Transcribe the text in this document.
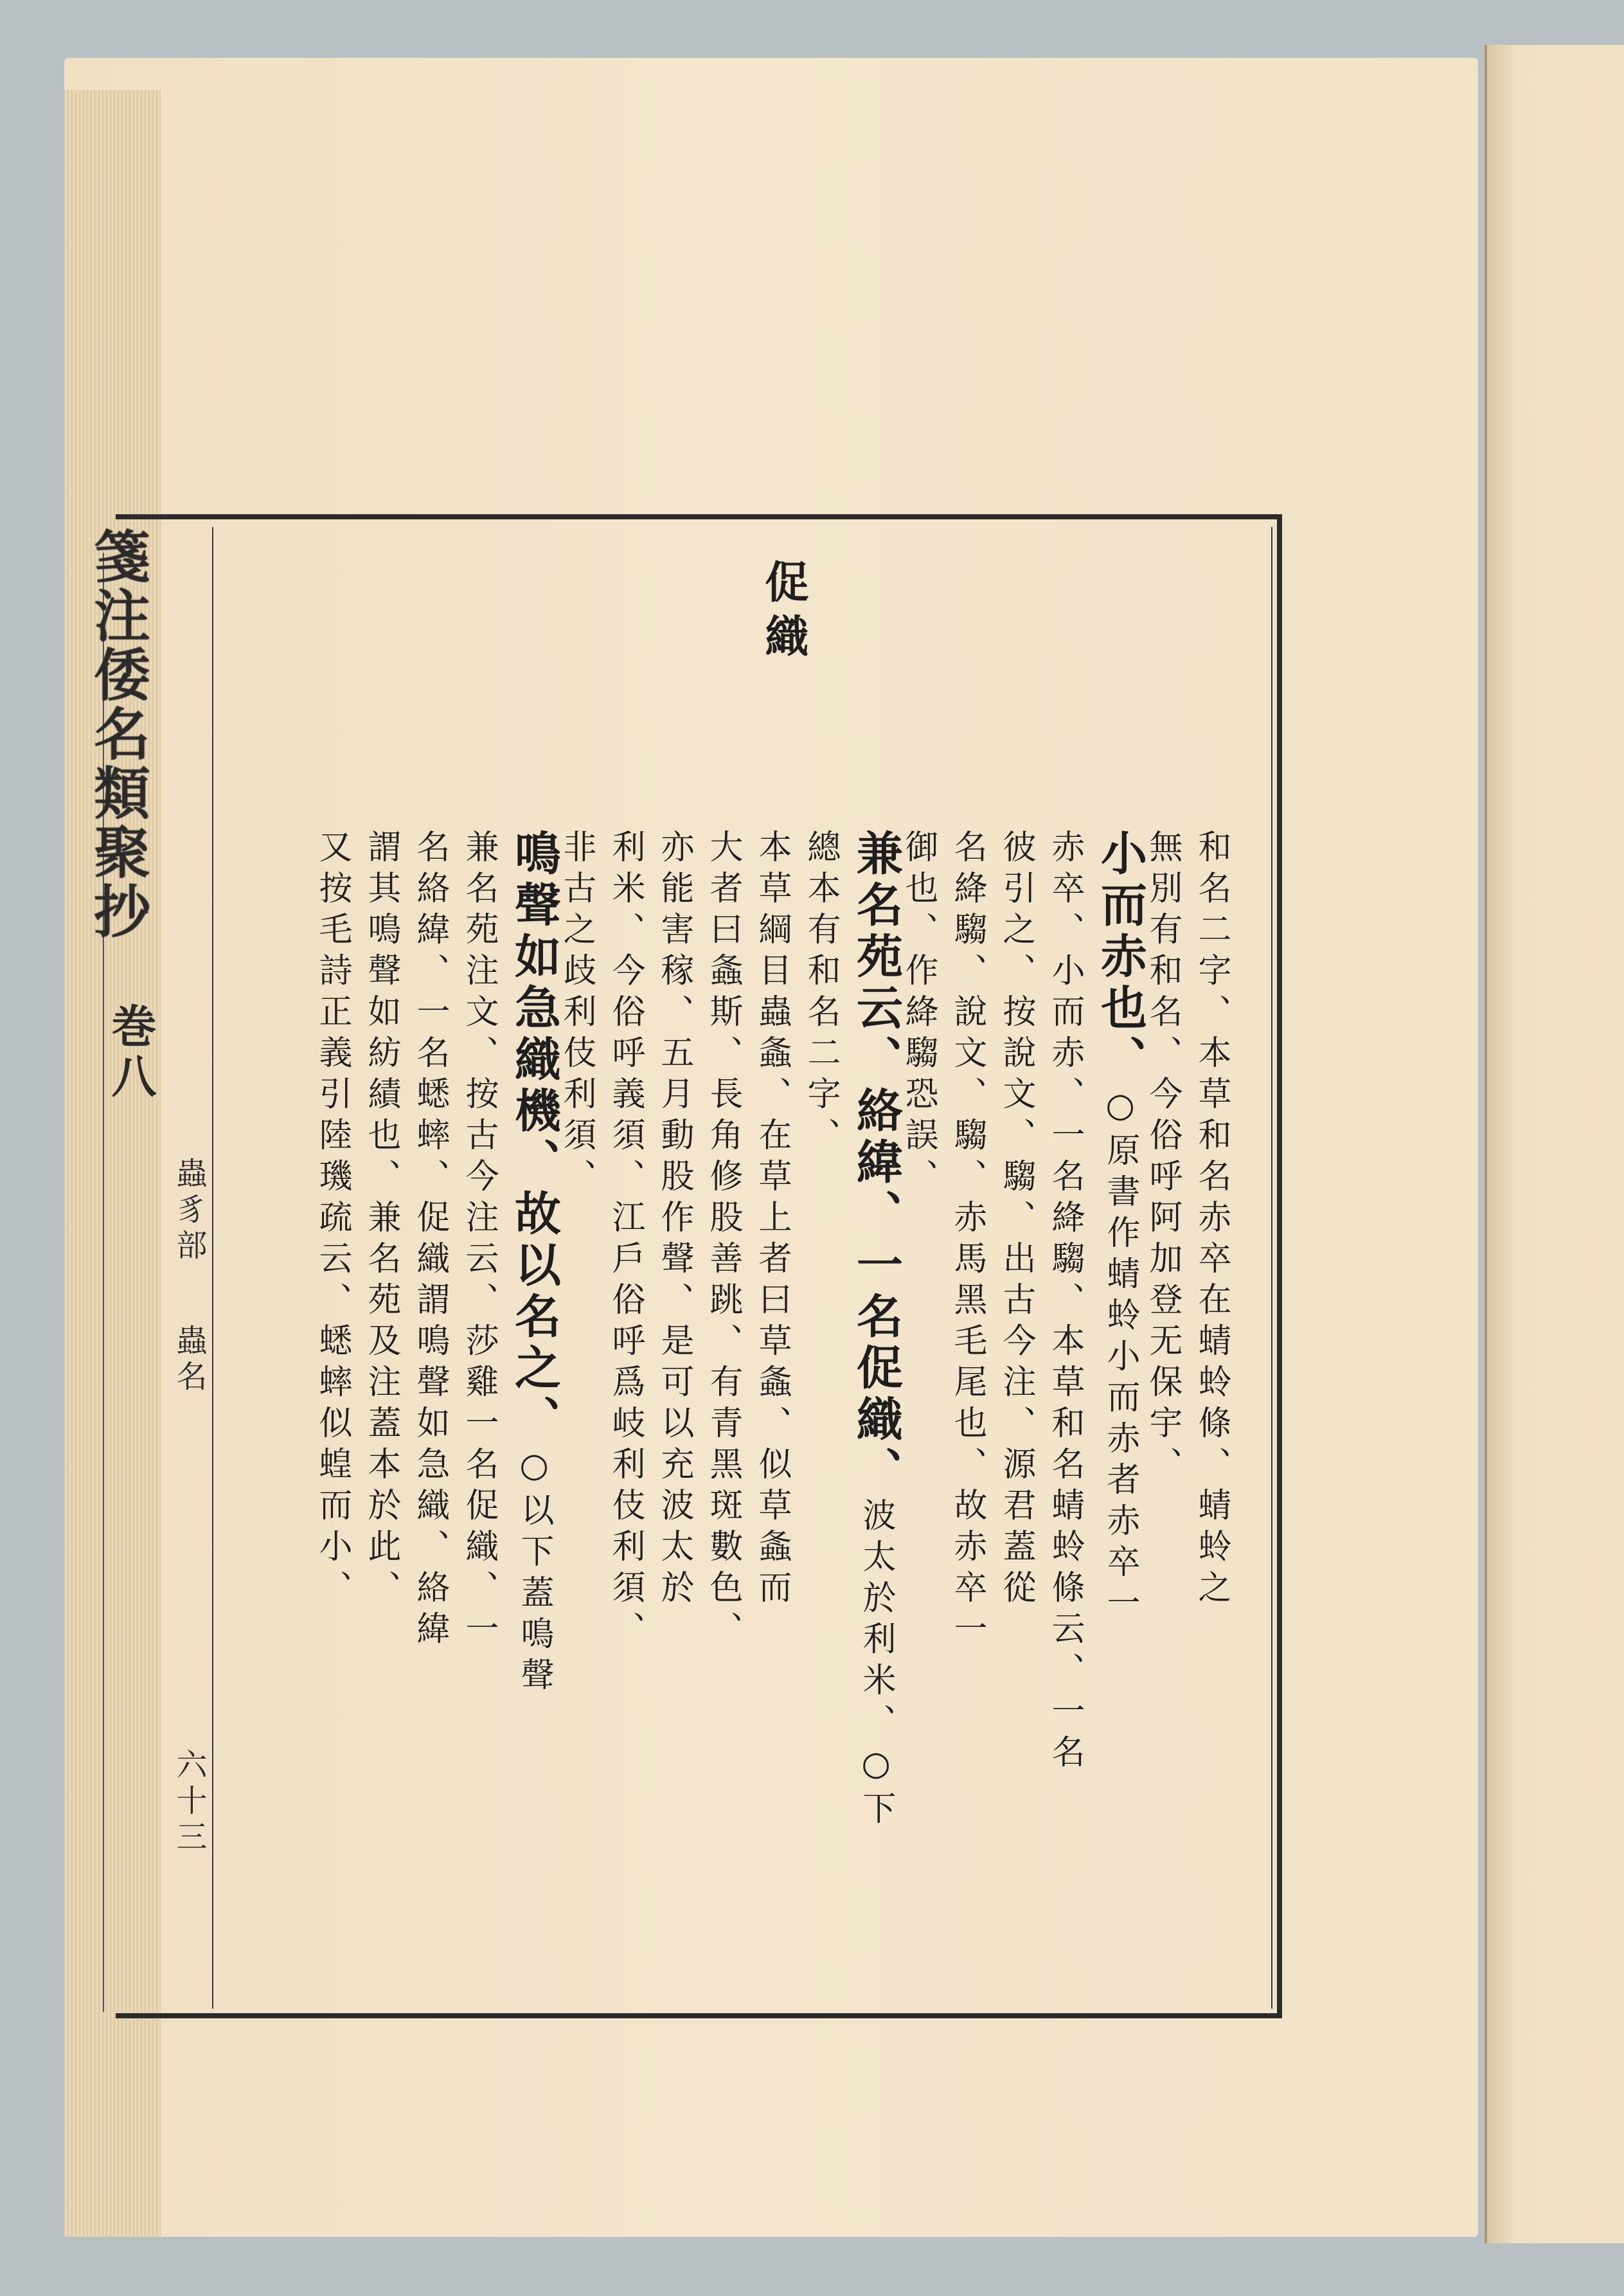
箋注倭名類聚抄
巻八
蟲豸部
蟲名
六十三
促織
和名二字、本草和名赤卒在蜻蛉條、蜻蛉之
無別有和名、今俗呼阿加登无保宇、
小而赤也、○原書作蜻蛉小而赤者赤卒一
赤卒、小而赤、一名絳騶、本草和名蜻蛉條云、一名
彼引之、按說文、騶、出古今注、源君蓋從
名絳騶、說文、騶、赤馬黑毛尾也、故赤卒一
御也、作絳騶恐誤、
兼名苑云、絡緯、一名促織、波太於利米、○下
總本有和名二字、
本草綱目蟲螽、在草上者曰草螽、似草螽而
大者曰螽斯、長角修股善跳、有青黑斑數色、
亦能害稼、五月動股作聲、是可以充波太於
利米、今俗呼義須、江戶俗呼爲岐利伎利須、
非古之歧利伎利須、
鳴聲如急織機、故以名之、○以下蓋鳴聲
兼名苑注文、按古今注云、莎雞一名促織、一
名絡緯、一名蟋蟀、促織謂鳴聲如急織、絡緯
謂其鳴聲如紡績也、兼名苑及注蓋本於此、
又按毛詩正義引陸璣疏云、蟋蟀似蝗而小、
